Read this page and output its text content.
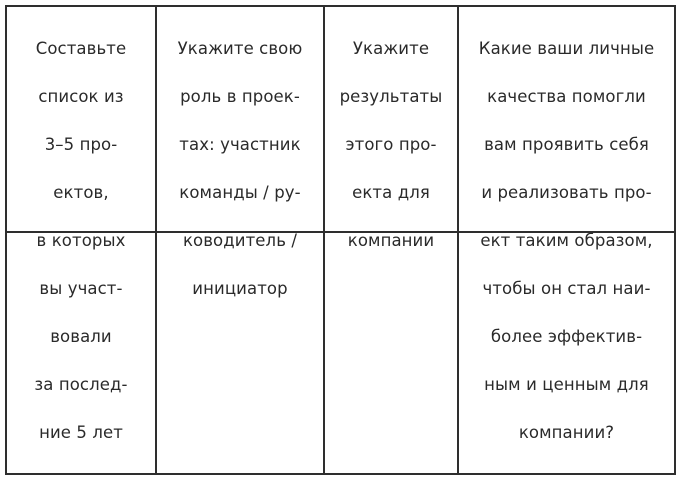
Составьте

список из

3–5 про-

ектов,

в которых

вы участ-

вовали

за послед-

ние 5 лет

Укажите свою

роль в проек-

тах: участник

команды / ру-

ководитель /

инициатор

Укажите

результаты

этого про-

екта для

компании

Какие ваши личные

качества помогли

вам проявить себя

и реализовать про-

ект таким образом,

чтобы он стал наи-

более эффектив-

ным и ценным для

компании?
